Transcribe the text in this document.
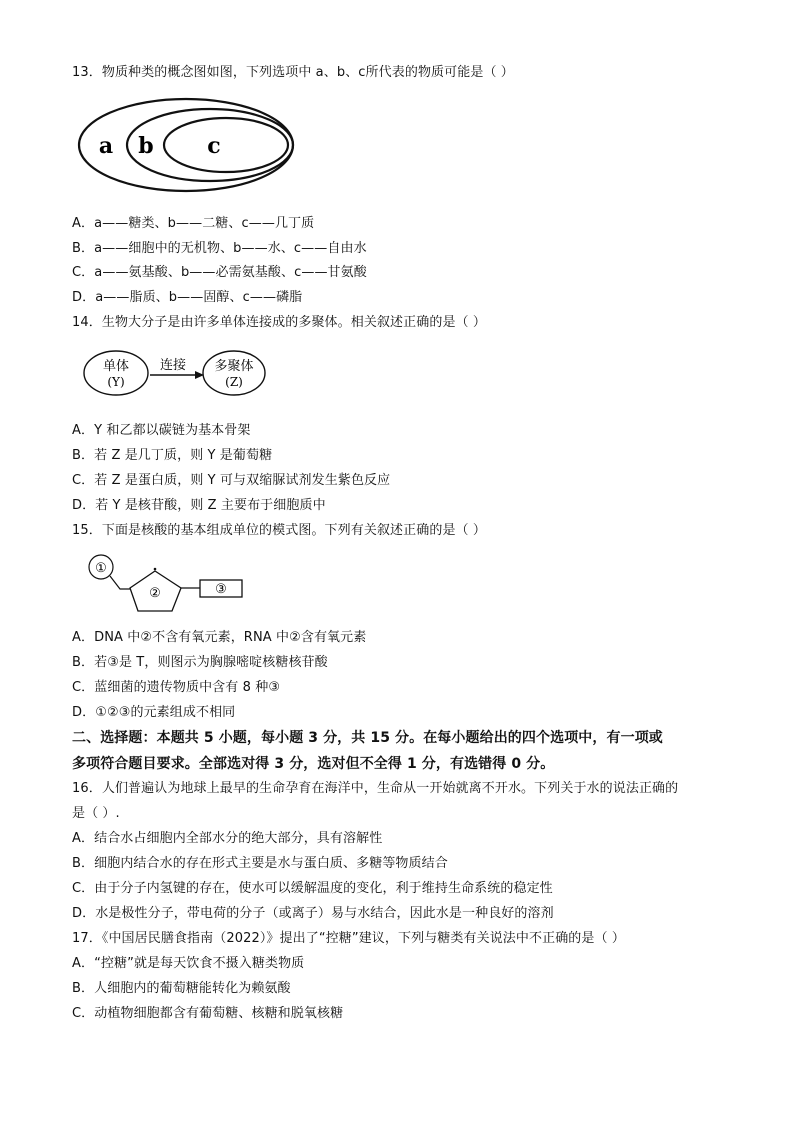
13．物质种类的概念图如图，下列选项中 a、b、c所代表的物质可能是（ ）
a b c
A．a——糖类、b——二糖、c——几丁质
B．a——细胞中的无机物、b——水、c——自由水
C．a——氨基酸、b——必需氨基酸、c——甘氨酸
D．a——脂质、b——固醇、c——磷脂
14．生物大分子是由许多单体连接成的多聚体。相关叙述正确的是（ ）
单体
(Y)
连接 多聚体
(Z)
A．Y 和乙都以碳链为基本骨架
B．若 Z 是几丁质，则 Y 是葡萄糖
C．若 Z 是蛋白质，则 Y 可与双缩脲试剂发生紫色反应
D．若 Y 是核苷酸，则 Z 主要布于细胞质中
15．下面是核酸的基本组成单位的模式图。下列有关叙述正确的是（ ）
①
②	③
A．DNA 中②不含有氧元素，RNA 中②含有氧元素
B．若③是 T，则图示为胸腺嘧啶核糖核苷酸
C．蓝细菌的遗传物质中含有 8 种③
D．①②③的元素组成不相同
二、选择题：本题共 5 小题，每小题 3 分，共 15 分。在每小题给出的四个选项中，有一项或
多项符合题目要求。全部选对得 3 分，选对但不全得 1 分，有选错得 0 分。
16．人们普遍认为地球上最早的生命孕育在海洋中，生命从一开始就离不开水。下列关于水的说法正确的
是（ ）.
A．结合水占细胞内全部水分的绝大部分，具有溶解性
B．细胞内结合水的存在形式主要是水与蛋白质、多糖等物质结合
C．由于分子内氢键的存在，使水可以缓解温度的变化，利于维持生命系统的稳定性
D．水是极性分子，带电荷的分子（或离子）易与水结合，因此水是一种良好的溶剂
17．《中国居民膳食指南（2022）》提出了“控糖”建议，下列与糖类有关说法中不正确的是（ ）
A．“控糖”就是每天饮食不摄入糖类物质
B．人细胞内的葡萄糖能转化为赖氨酸
C．动植物细胞都含有葡萄糖、核糖和脱氧核糖
